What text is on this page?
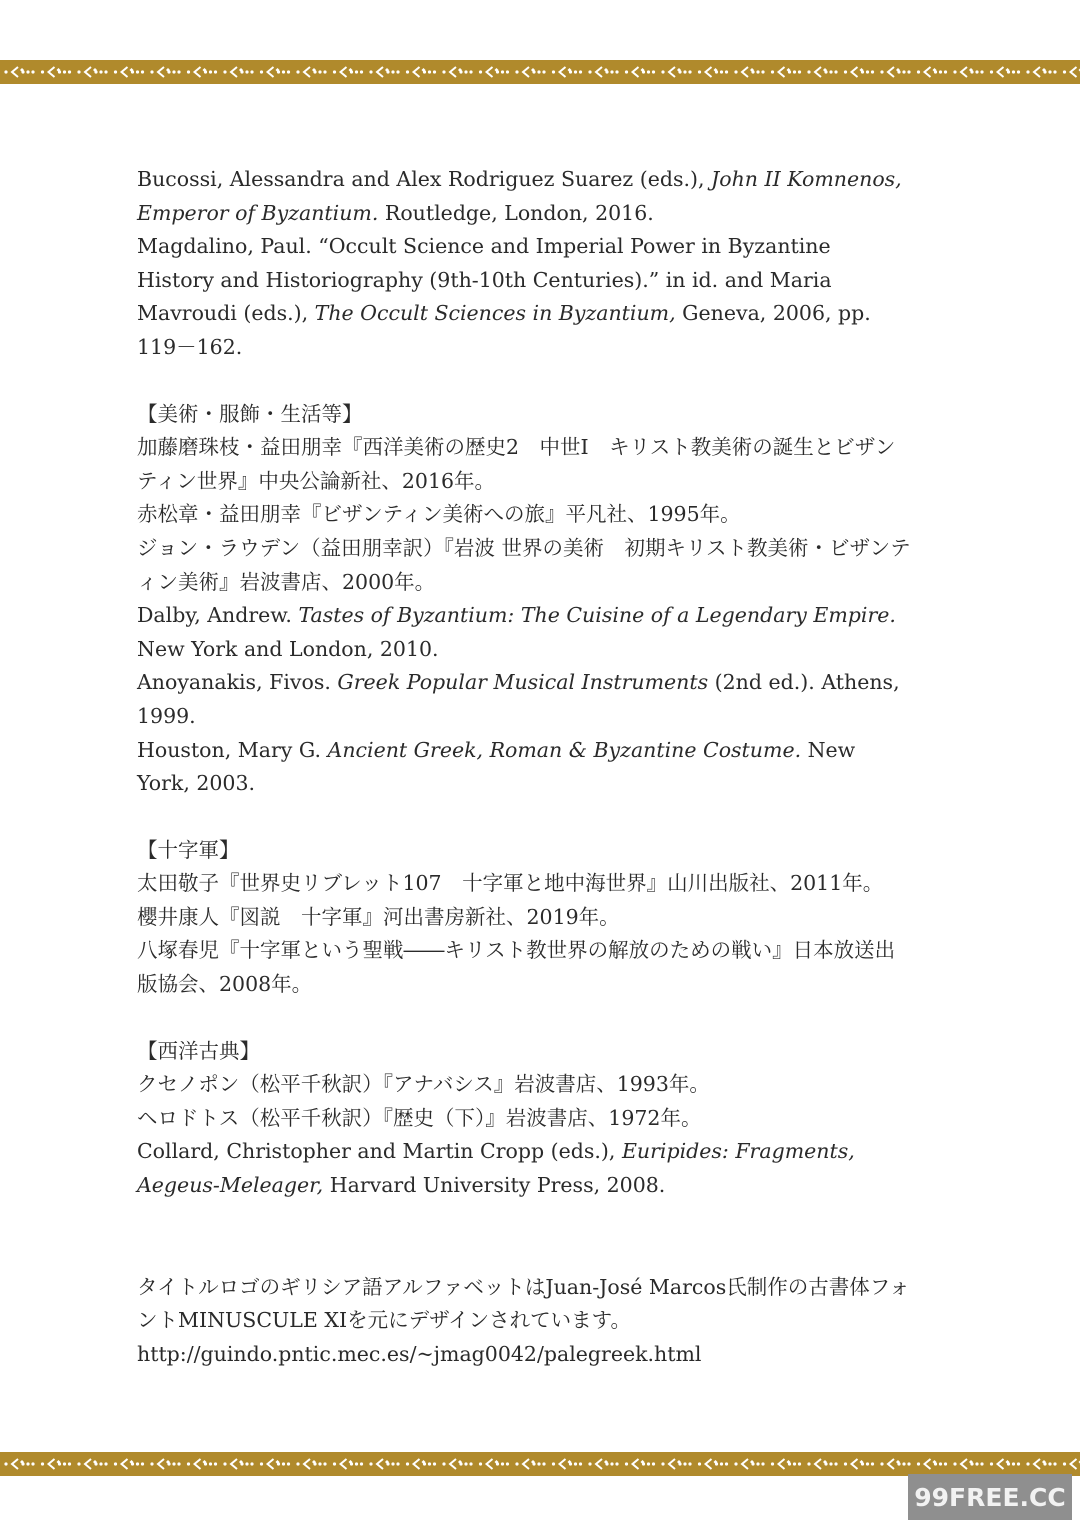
Bucossi, Alessandra and Alex Rodriguez Suarez (eds.), John II Komnenos, Emperor of Byzantium. Routledge, London, 2016.

Magdalino, Paul. “Occult Science and Imperial Power in Byzantine History and Historiography (9th-10th Centuries).” in id. and Maria Mavroudi (eds.), The Occult Sciences in Byzantium, Geneva, 2006, pp. 119－162.

【美術・服飾・生活等】

加藤磨珠枝・益田朋幸『西洋美術の歴史2　中世Ⅰ　キリスト教美術の誕生とビザンティン世界』中央公論新社、2016年。

赤松章・益田朋幸『ビザンティン美術への旅』平凡社、1995年。

ジョン・ラウデン（益田朋幸訳）『岩波 世界の美術　初期キリスト教美術・ビザンティン美術』岩波書店、2000年。

Dalby, Andrew. Tastes of Byzantium: The Cuisine of a Legendary Empire. New York and London, 2010.

Anoyanakis, Fivos. Greek Popular Musical Instruments (2nd ed.). Athens, 1999.

Houston, Mary G. Ancient Greek, Roman & Byzantine Costume. New York, 2003.

【十字軍】

太田敬子『世界史リブレット107　十字軍と地中海世界』山川出版社、2011年。

櫻井康人『図説　十字軍』河出書房新社、2019年。

八塚春児『十字軍という聖戦――キリスト教世界の解放のための戦い』日本放送出版協会、2008年。

【西洋古典】

クセノポン（松平千秋訳）『アナバシス』岩波書店、1993年。

ヘロドトス（松平千秋訳）『歴史（下）』岩波書店、1972年。

Collard, Christopher and Martin Cropp (eds.), Euripides: Fragments, Aegeus-Meleager, Harvard University Press, 2008.

タイトルロゴのギリシア語アルファベットはJuan-José Marcos氏制作の古書体フォントMINUSCULE XIを元にデザインされています。

http://guindo.pntic.mec.es/~jmag0042/palegreek.html

99FREE.CC
